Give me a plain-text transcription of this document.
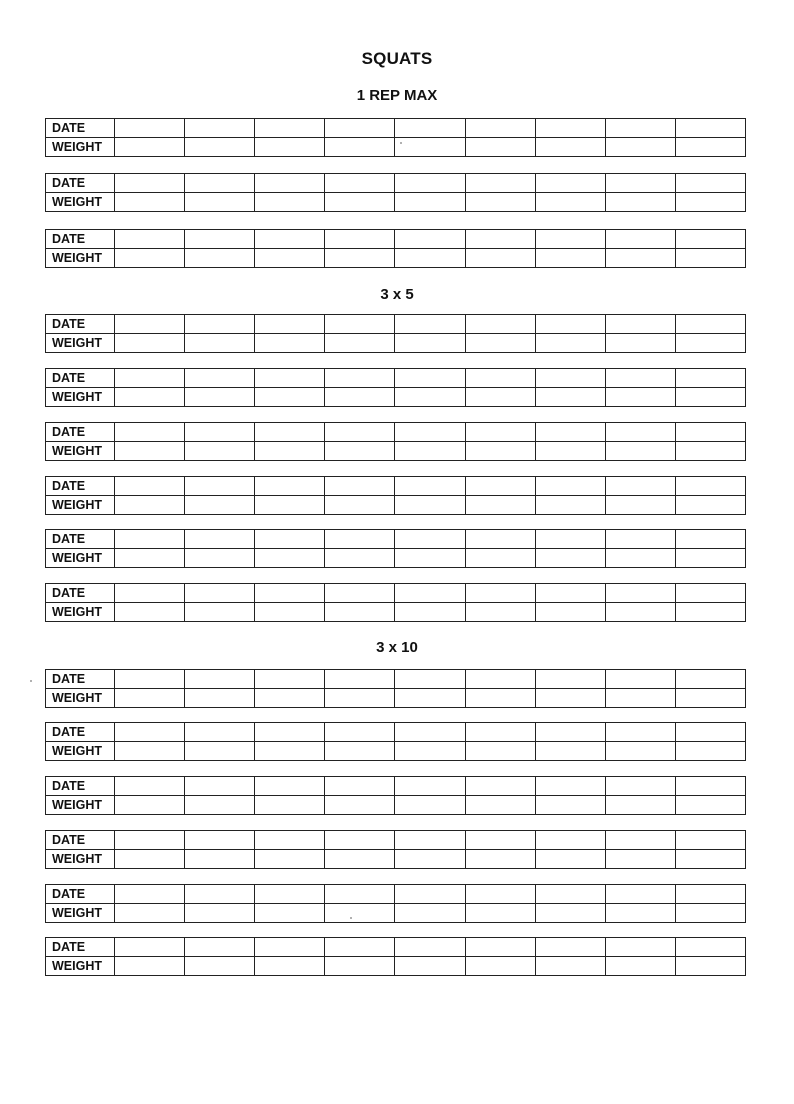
SQUATS
1 REP MAX
DATE									
WEIGHT									
DATE									
WEIGHT									
DATE									
WEIGHT									
3 x 5
DATE									
WEIGHT									
DATE									
WEIGHT									
DATE									
WEIGHT									
DATE									
WEIGHT									
DATE									
WEIGHT									
DATE									
WEIGHT									
3 x 10
DATE									
WEIGHT									
DATE									
WEIGHT									
DATE									
WEIGHT									
DATE									
WEIGHT									
DATE									
WEIGHT									
DATE									
WEIGHT									
